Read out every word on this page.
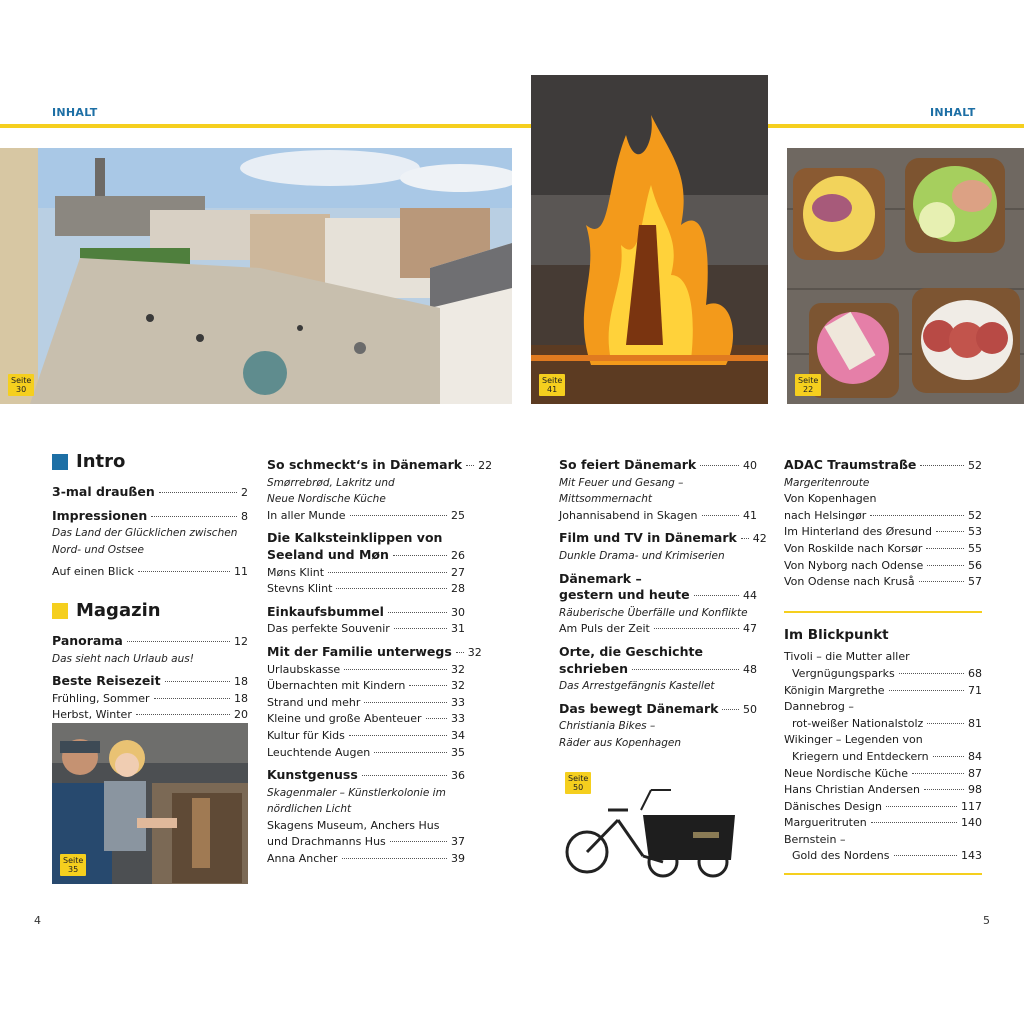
INHALT	INHALT
Seite
30
Seite
41
Seite
22
Seite
35
Seite
50
Intro
3-mal draußen	2
Impressionen	8
Das Land der Glücklichen zwischen
Nord- und Ostsee
Auf einen Blick	11
Magazin
Panorama	12
Das sieht nach Urlaub aus!
Beste Reisezeit	18
Frühling, Sommer	18
Herbst, Winter	20
So schmeckt‘s in Dänemark 22
Smørrebrød, Lakritz und
Neue Nordische Küche
In aller Munde	25
Die Kalksteinklippen von
Seeland und Møn	26
Møns Klint	27
Stevns Klint	28
Einkaufsbummel	30
Das perfekte Souvenir	31
Mit der Familie unterwegs 32
Urlaubskasse	32
Übernachten mit Kindern	32
Strand und mehr	33
Kleine und große Abenteuer	33
Kultur für Kids	34
Leuchtende Augen	35
Kunstgenuss	36
Skagenmaler – Künstlerkolonie im
nördlichen Licht
Skagens Museum, Anchers Hus
und Drachmanns Hus	37
Anna Ancher	39
So feiert Dänemark	40
Mit Feuer und Gesang –
Mittsommernacht
Johannisabend in Skagen	41
Film und TV in Dänemark 42
Dunkle Drama- und Krimiserien
Dänemark –
gestern und heute	44
Räuberische Überfälle und Konflikte
Am Puls der Zeit	47
Orte, die Geschichte
schrieben	48
Das Arrestgefängnis Kastellet
Das bewegt Dänemark 50
Christiania Bikes –
Räder aus Kopenhagen
ADAC Traumstraße	52
Margeritenroute
Von Kopenhagen
nach Helsingør	52
Im Hinterland des Øresund	53
Von Roskilde nach Korsør	55
Von Nyborg nach Odense	56
Von Odense nach Kruså	57
Im Blickpunkt
Tivoli – die Mutter aller
Vergnügungsparks	68
Königin Margrethe	71
Dannebrog –
rot-weißer Nationalstolz	81
Wikinger – Legenden von
Kriegern und Entdeckern	84
Neue Nordische Küche	87
Hans Christian Andersen	98
Dänisches Design	117
Margueritruten	140
Bernstein –
Gold des Nordens	143
4	5
